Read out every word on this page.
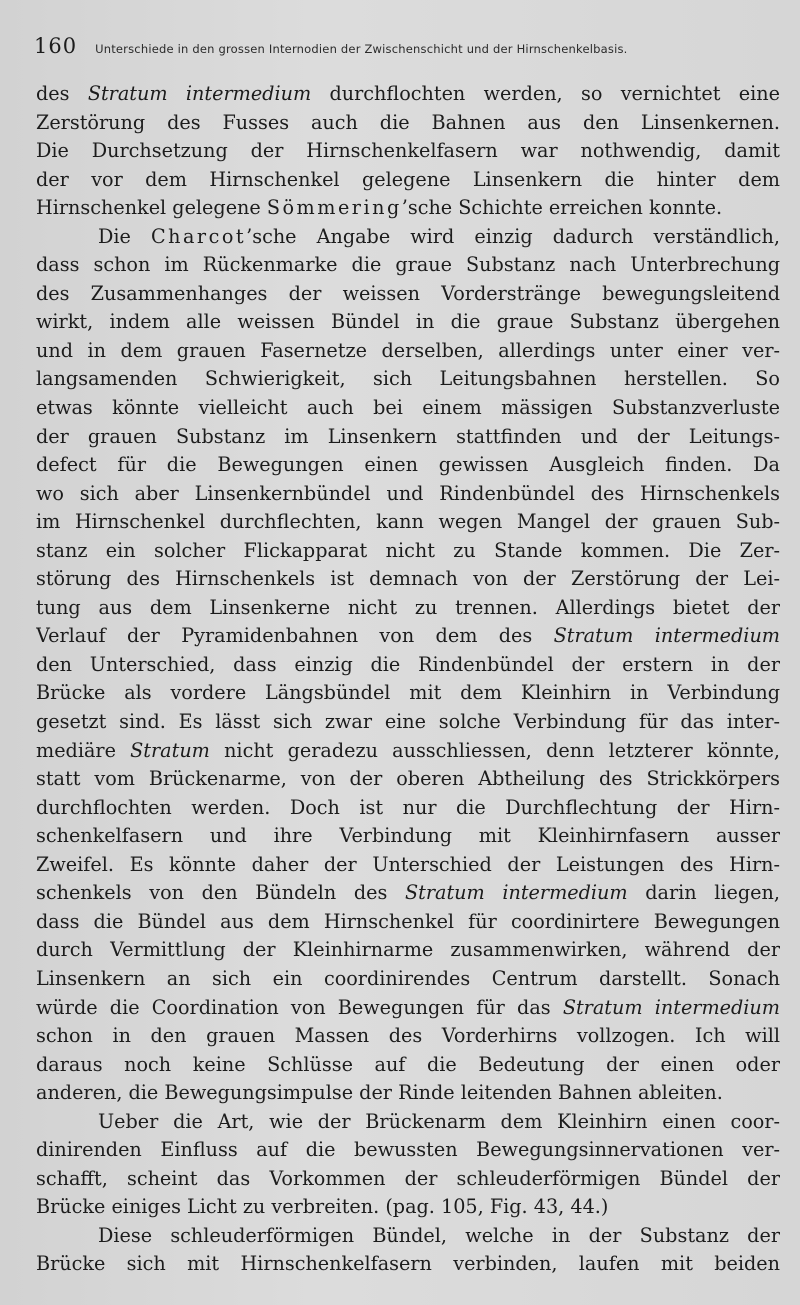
160 Unterschiede in den grossen Internodien der Zwischenschicht und der Hirnschenkelbasis.
des Stratum intermedium durchflochten werden, so vernichtet eine
Zerstörung des Fusses auch die Bahnen aus den Linsenkernen.
Die Durchsetzung der Hirnschenkelfasern war nothwendig, damit
der vor dem Hirnschenkel gelegene Linsenkern die hinter dem
Hirnschenkel gelegene Sömmering’sche Schichte erreichen konnte.
Die Charcot’sche Angabe wird einzig dadurch verständlich,
dass schon im Rückenmarke die graue Substanz nach Unterbrechung
des Zusammenhanges der weissen Vorderstränge bewegungsleitend
wirkt, indem alle weissen Bündel in die graue Substanz übergehen
und in dem grauen Fasernetze derselben, allerdings unter einer ver-
langsamenden Schwierigkeit, sich Leitungsbahnen herstellen. So
etwas könnte vielleicht auch bei einem mässigen Substanzverluste
der grauen Substanz im Linsenkern stattfinden und der Leitungs-
defect für die Bewegungen einen gewissen Ausgleich finden. Da
wo sich aber Linsenkernbündel und Rindenbündel des Hirnschenkels
im Hirnschenkel durchflechten, kann wegen Mangel der grauen Sub-
stanz ein solcher Flickapparat nicht zu Stande kommen. Die Zer-
störung des Hirnschenkels ist demnach von der Zerstörung der Lei-
tung aus dem Linsenkerne nicht zu trennen. Allerdings bietet der
Verlauf der Pyramidenbahnen von dem des Stratum intermedium
den Unterschied, dass einzig die Rindenbündel der erstern in der
Brücke als vordere Längsbündel mit dem Kleinhirn in Verbindung
gesetzt sind. Es lässt sich zwar eine solche Verbindung für das inter-
mediäre Stratum nicht geradezu ausschliessen, denn letzterer könnte,
statt vom Brückenarme, von der oberen Abtheilung des Strickkörpers
durchflochten werden. Doch ist nur die Durchflechtung der Hirn-
schenkelfasern und ihre Verbindung mit Kleinhirnfasern ausser
Zweifel. Es könnte daher der Unterschied der Leistungen des Hirn-
schenkels von den Bündeln des Stratum intermedium darin liegen,
dass die Bündel aus dem Hirnschenkel für coordinirtere Bewegungen
durch Vermittlung der Kleinhirnarme zusammenwirken, während der
Linsenkern an sich ein coordinirendes Centrum darstellt. Sonach
würde die Coordination von Bewegungen für das Stratum intermedium
schon in den grauen Massen des Vorderhirns vollzogen. Ich will
daraus noch keine Schlüsse auf die Bedeutung der einen oder
anderen, die Bewegungsimpulse der Rinde leitenden Bahnen ableiten.
Ueber die Art, wie der Brückenarm dem Kleinhirn einen coor-
dinirenden Einfluss auf die bewussten Bewegungsinnervationen ver-
schafft, scheint das Vorkommen der schleuderförmigen Bündel der
Brücke einiges Licht zu verbreiten. (pag. 105, Fig. 43, 44.)
Diese schleuderförmigen Bündel, welche in der Substanz der
Brücke sich mit Hirnschenkelfasern verbinden, laufen mit beiden
